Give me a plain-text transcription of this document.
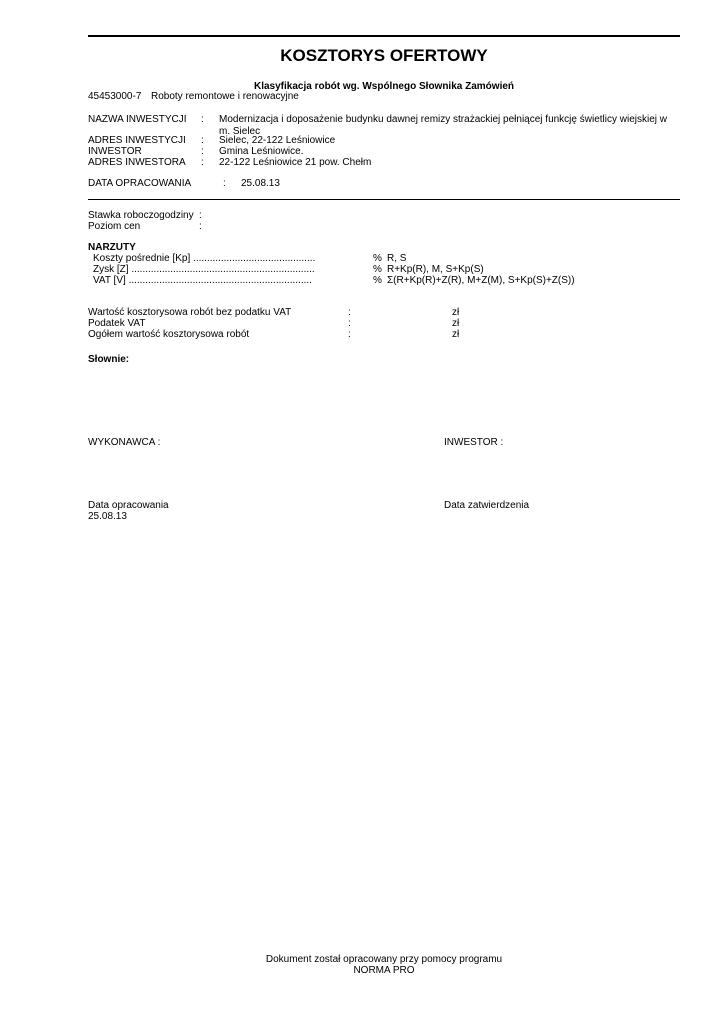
KOSZTORYS OFERTOWY
Klasyfikacja robót wg. Wspólnego Słownika Zamówień
45453000-7 Roboty remontowe i renowacyjne
NAZWA INWESTYCJI : Modernizacja i doposażenie budynku dawnej remizy strażackiej pełniącej funkcję świetlicy wiejskiej w m. Sielec
ADRES INWESTYCJI : Sielec, 22-122 Leśniowice
INWESTOR	: Gmina Leśniowice.
ADRES INWESTORA : 22-122 Leśniowice 21 pow. Chełm
DATA OPRACOWANIA	: 25.08.13
Stawka roboczogodziny :
Poziom cen	:
NARZUTY
Koszty pośrednie [Kp] ............................................	% R, S
Zysk [Z] ..................................................................	% R+Kp(R), M, S+Kp(S)
VAT [V] ..................................................................	% Σ(R+Kp(R)+Z(R), M+Z(M), S+Kp(S)+Z(S))
Wartość kosztorysowa robót bez podatku VAT	:	zł
Podatek VAT	:	zł
Ogółem wartość kosztorysowa robót	:	zł
Słownie:
WYKONAWCA :	INWESTOR :
Data opracowania	Data zatwierdzenia
25.08.13
Dokument został opracowany przy pomocy programu
NORMA PRO
